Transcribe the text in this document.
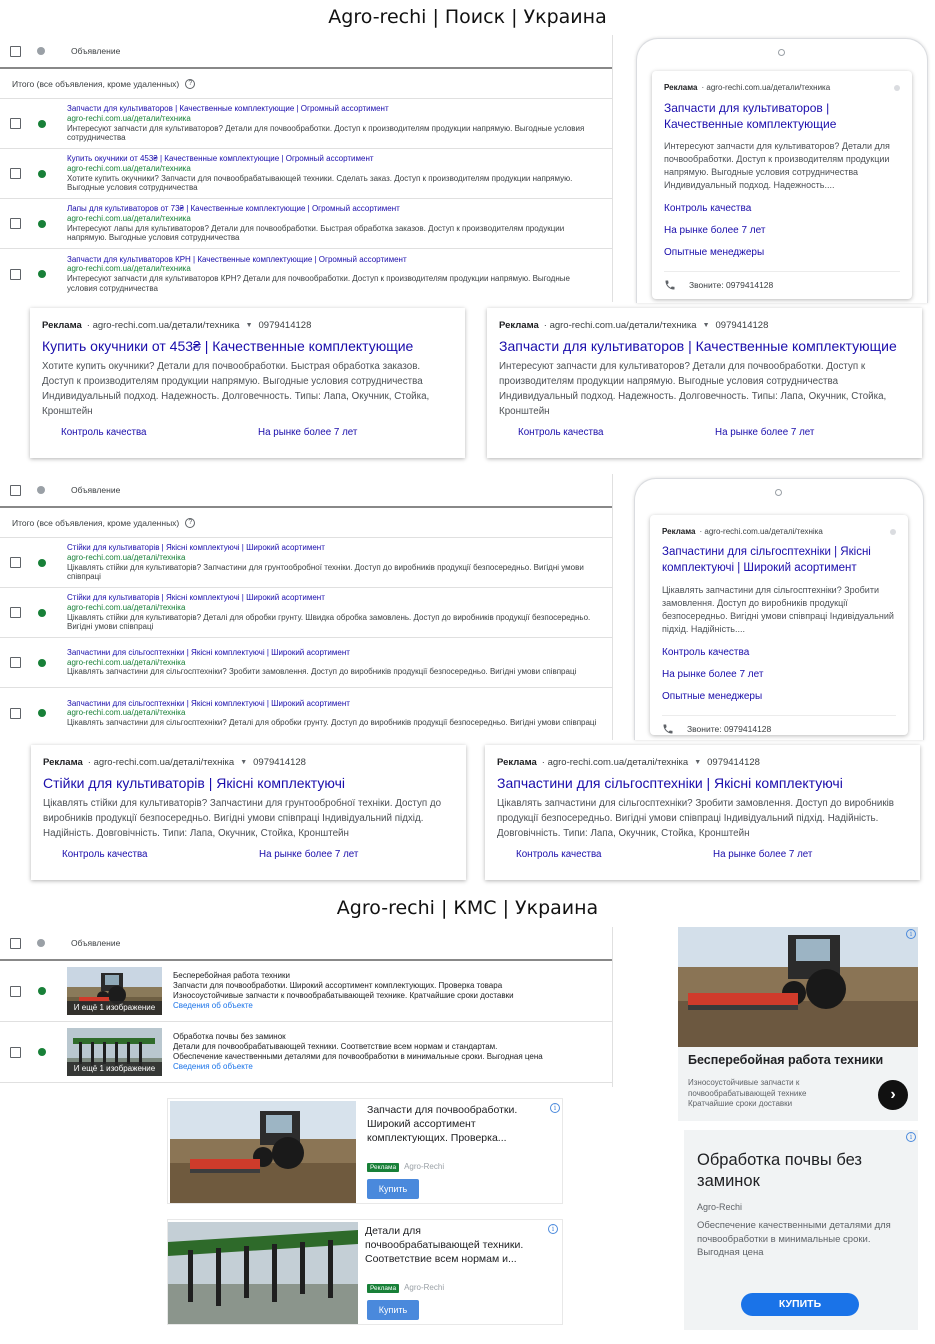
Agro-rechi | Поиск | Украина
Объявление
Итого (все объявления, кроме удаленных)	?
Запчасти для культиваторов | Качественные комплектующие | Огромный ассортимент
agro-rechi.com.ua/детали/техника
Интересуют запчасти для культиваторов? Детали для почвообработки. Доступ к производителям продукции напрямую. Выгодные условия сотрудничества
Купить окучники от 453₴ | Качественные комплектующие | Огромный ассортимент
agro-rechi.com.ua/детали/техника
Хотите купить окучники? Запчасти для почвообрабатывающей техники. Сделать заказ. Доступ к производителям продукции напрямую. Выгодные условия сотрудничества
Лапы для культиваторов от 73₴ | Качественные комплектующие | Огромный ассортимент
agro-rechi.com.ua/детали/техника
Интересуют лапы для культиваторов? Детали для почвообработки. Быстрая обработка заказов. Доступ к производителям продукции напрямую. Выгодные условия сотрудничества
Запчасти для культиваторов КРН | Качественные комплектующие | Огромный ассортимент
agro-rechi.com.ua/детали/техника
Интересуют запчасти для культиваторов КРН? Детали для почвообработки. Доступ к производителям продукции напрямую. Выгодные условия сотрудничества
Реклама · agro-rechi.com.ua/детали/техника
Запчасти для культиваторов | Качественные комплектующие
Интересуют запчасти для культиваторов? Детали для почвообработки. Доступ к производителям продукции напрямую. Выгодные условия сотрудничества Индивидуальный подход. Надежность....
Контроль качества
На рынке более 7 лет
Опытные менеджеры
Звоните: 0979414128
Реклама · agro-rechi.com.ua/детали/техника ▼ 0979414128
Купить окучники от 453₴ | Качественные комплектующие
Хотите купить окучники? Детали для почвообработки. Быстрая обработка заказов. Доступ к производителям продукции напрямую. Выгодные условия сотрудничества Индивидуальный подход. Надежность. Долговечность. Типы: Лапа, Окучник, Стойка, Кронштейн
Контроль качества	На рынке более 7 лет
Реклама · agro-rechi.com.ua/детали/техника ▼ 0979414128
Запчасти для культиваторов | Качественные комплектующие
Интересуют запчасти для культиваторов? Детали для почвообработки. Доступ к производителям продукции напрямую. Выгодные условия сотрудничества Индивидуальный подход. Надежность. Долговечность. Типы: Лапа, Окучник, Стойка, Кронштейн
Контроль качества	На рынке более 7 лет
Объявление
Итого (все объявления, кроме удаленных)	?
Стійки для культиваторів | Якісні комплектуючі | Широкий асортимент
agro-rechi.com.ua/деталі/техніка
Цікавлять стійки для культиваторів? Запчастини для грунтообробної техніки. Доступ до виробників продукції безпосередньо. Вигідні умови співпраці
Стійки для культиваторів | Якісні комплектуючі | Широкий асортимент
agro-rechi.com.ua/деталі/техніка
Цікавлять стійки для культиваторів? Деталі для обробки грунту. Швидка обробка замовлень. Доступ до виробників продукції безпосередньо. Вигідні умови співпраці
Запчастини для сільгосптехніки | Якісні комплектуючі | Широкий асортимент
agro-rechi.com.ua/деталі/техніка
Цікавлять запчастини для сільгосптехніки? Зробити замовлення. Доступ до виробників продукції безпосередньо. Вигідні умови співпраці
Запчастини для сільгосптехніки | Якісні комплектуючі | Широкий асортимент
agro-rechi.com.ua/деталі/техніка
Цікавлять запчастини для сільгосптехніки? Деталі для обробки грунту. Доступ до виробників продукції безпосередньо. Вигідні умови співпраці
Реклама · agro-rechi.com.ua/деталі/техніка
Запчастини для сільгосптехніки | Якісні комплектуючі | Широкий асортимент
Цікавлять запчастини для сільгосптехніки? Зробити замовлення. Доступ до виробників продукції безпосередньо. Вигідні умови співпраці Індивідуальний підхід. Надійність....
Контроль качества
На рынке более 7 лет
Опытные менеджеры
Звоните: 0979414128
Реклама · agro-rechi.com.ua/деталі/техніка ▼ 0979414128
Стійки для культиваторів | Якісні комплектуючі
Цікавлять стійки для культиваторів? Запчастини для грунтообробної техніки. Доступ до виробників продукції безпосередньо. Вигідні умови співпраці Індивідуальний підхід. Надійність. Довговічність. Типи: Лапа, Окучник, Стойка, Кронштейн
Контроль качества	На рынке более 7 лет
Реклама · agro-rechi.com.ua/деталі/техніка ▼ 0979414128
Запчастини для сільгосптехніки | Якісні комплектуючі
Цікавлять запчастини для сільгосптехніки? Зробити замовлення. Доступ до виробників продукції безпосередньо. Вигідні умови співпраці Індивідуальний підхід. Надійність. Довговічність. Типи: Лапа, Окучник, Стойка, Кронштейн
Контроль качества	На рынке более 7 лет
Agro-rechi | КМС | Украина
Объявление
И ещё 1 изображение
Бесперебойная работа техники
Запчасти для почвообработки. Широкий ассортимент комплектующих. Проверка товара
Износоустойчивые запчасти к почвообрабатывающей технике. Кратчайшие сроки доставки
Сведения об объекте
И ещё 1 изображение
Обработка почвы без заминок
Детали для почвообрабатывающей техники. Соответствие всем нормам и стандартам.
Обеспечение качественными деталями для почвообработки в минимальные сроки. Выгодная цена
Сведения об объекте
Запчасти для почвообработки. Широкий ассортимент комплектующих. Проверка...
i
Реклама Agro-Rechi
Купить
Детали для почвообрабатывающей техники. Соответствие всем нормам и...
i
Реклама Agro-Rechi
Купить
i
Бесперебойная работа техники
Износоустойчивые запчасти к почвообрабатывающей технике Кратчайшие сроки доставки
›
i
Обработка почвы без заминок
Agro-Rechi
Обеспечение качественными деталями для почвообработки в минимальные сроки. Выгодная цена
КУПИТЬ
